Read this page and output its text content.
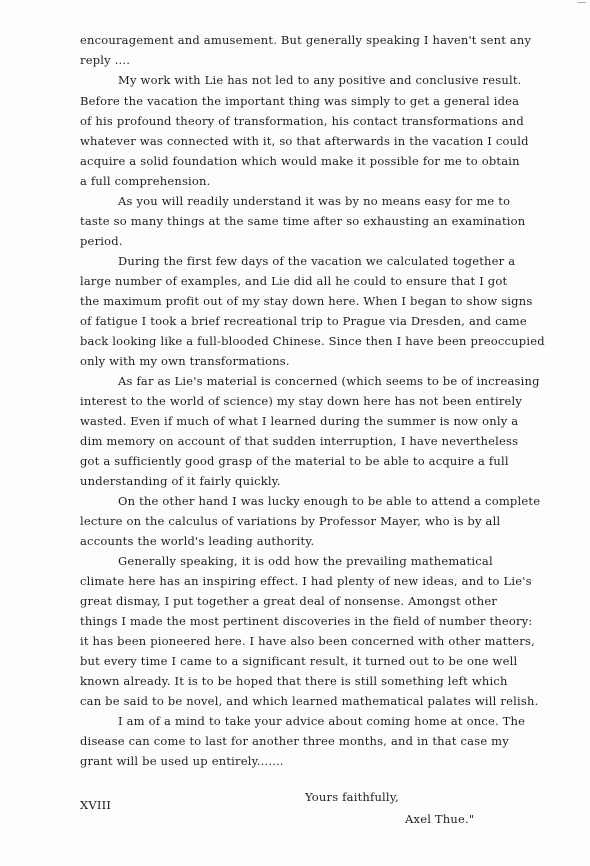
encouragement and amusement. But generally speaking I haven't sent any
reply ....
My work with Lie has not led to any positive and conclusive result.
Before the vacation the important thing was simply to get a general idea
of his profound theory of transformation, his contact transformations and
whatever was connected with it, so that afterwards in the vacation I could
acquire a solid foundation which would make it possible for me to obtain
a full comprehension.
As you will readily understand it was by no means easy for me to
taste so many things at the same time after so exhausting an examination
period.
During the first few days of the vacation we calculated together a
large number of examples, and Lie did all he could to ensure that I got
the maximum profit out of my stay down here. When I began to show signs
of fatigue I took a brief recreational trip to Prague via Dresden, and came
back looking like a full-blooded Chinese. Since then I have been preoccupied
only with my own transformations.
As far as Lie's material is concerned (which seems to be of increasing
interest to the world of science) my stay down here has not been entirely
wasted. Even if much of what I learned during the summer is now only a
dim memory on account of that sudden interruption, I have nevertheless
got a sufficiently good grasp of the material to be able to acquire a full
understanding of it fairly quickly.
On the other hand I was lucky enough to be able to attend a complete
lecture on the calculus of variations by Professor Mayer, who is by all
accounts the world's leading authority.
Generally speaking, it is odd how the prevailing mathematical
climate here has an inspiring effect. I had plenty of new ideas, and to Lie's
great dismay, I put together a great deal of nonsense. Amongst other
things I made the most pertinent discoveries in the field of number theory:
it has been pioneered here. I have also been concerned with other matters,
but every time I came to a significant result, it turned out to be one well
known already. It is to be hoped that there is still something left which
can be said to be novel, and which learned mathematical palates will relish.
I am of a mind to take your advice about coming home at once. The
disease can come to last for another three months, and in that case my
grant will be used up entirely.......
Yours faithfully,
XVIII
Axel Thue."
